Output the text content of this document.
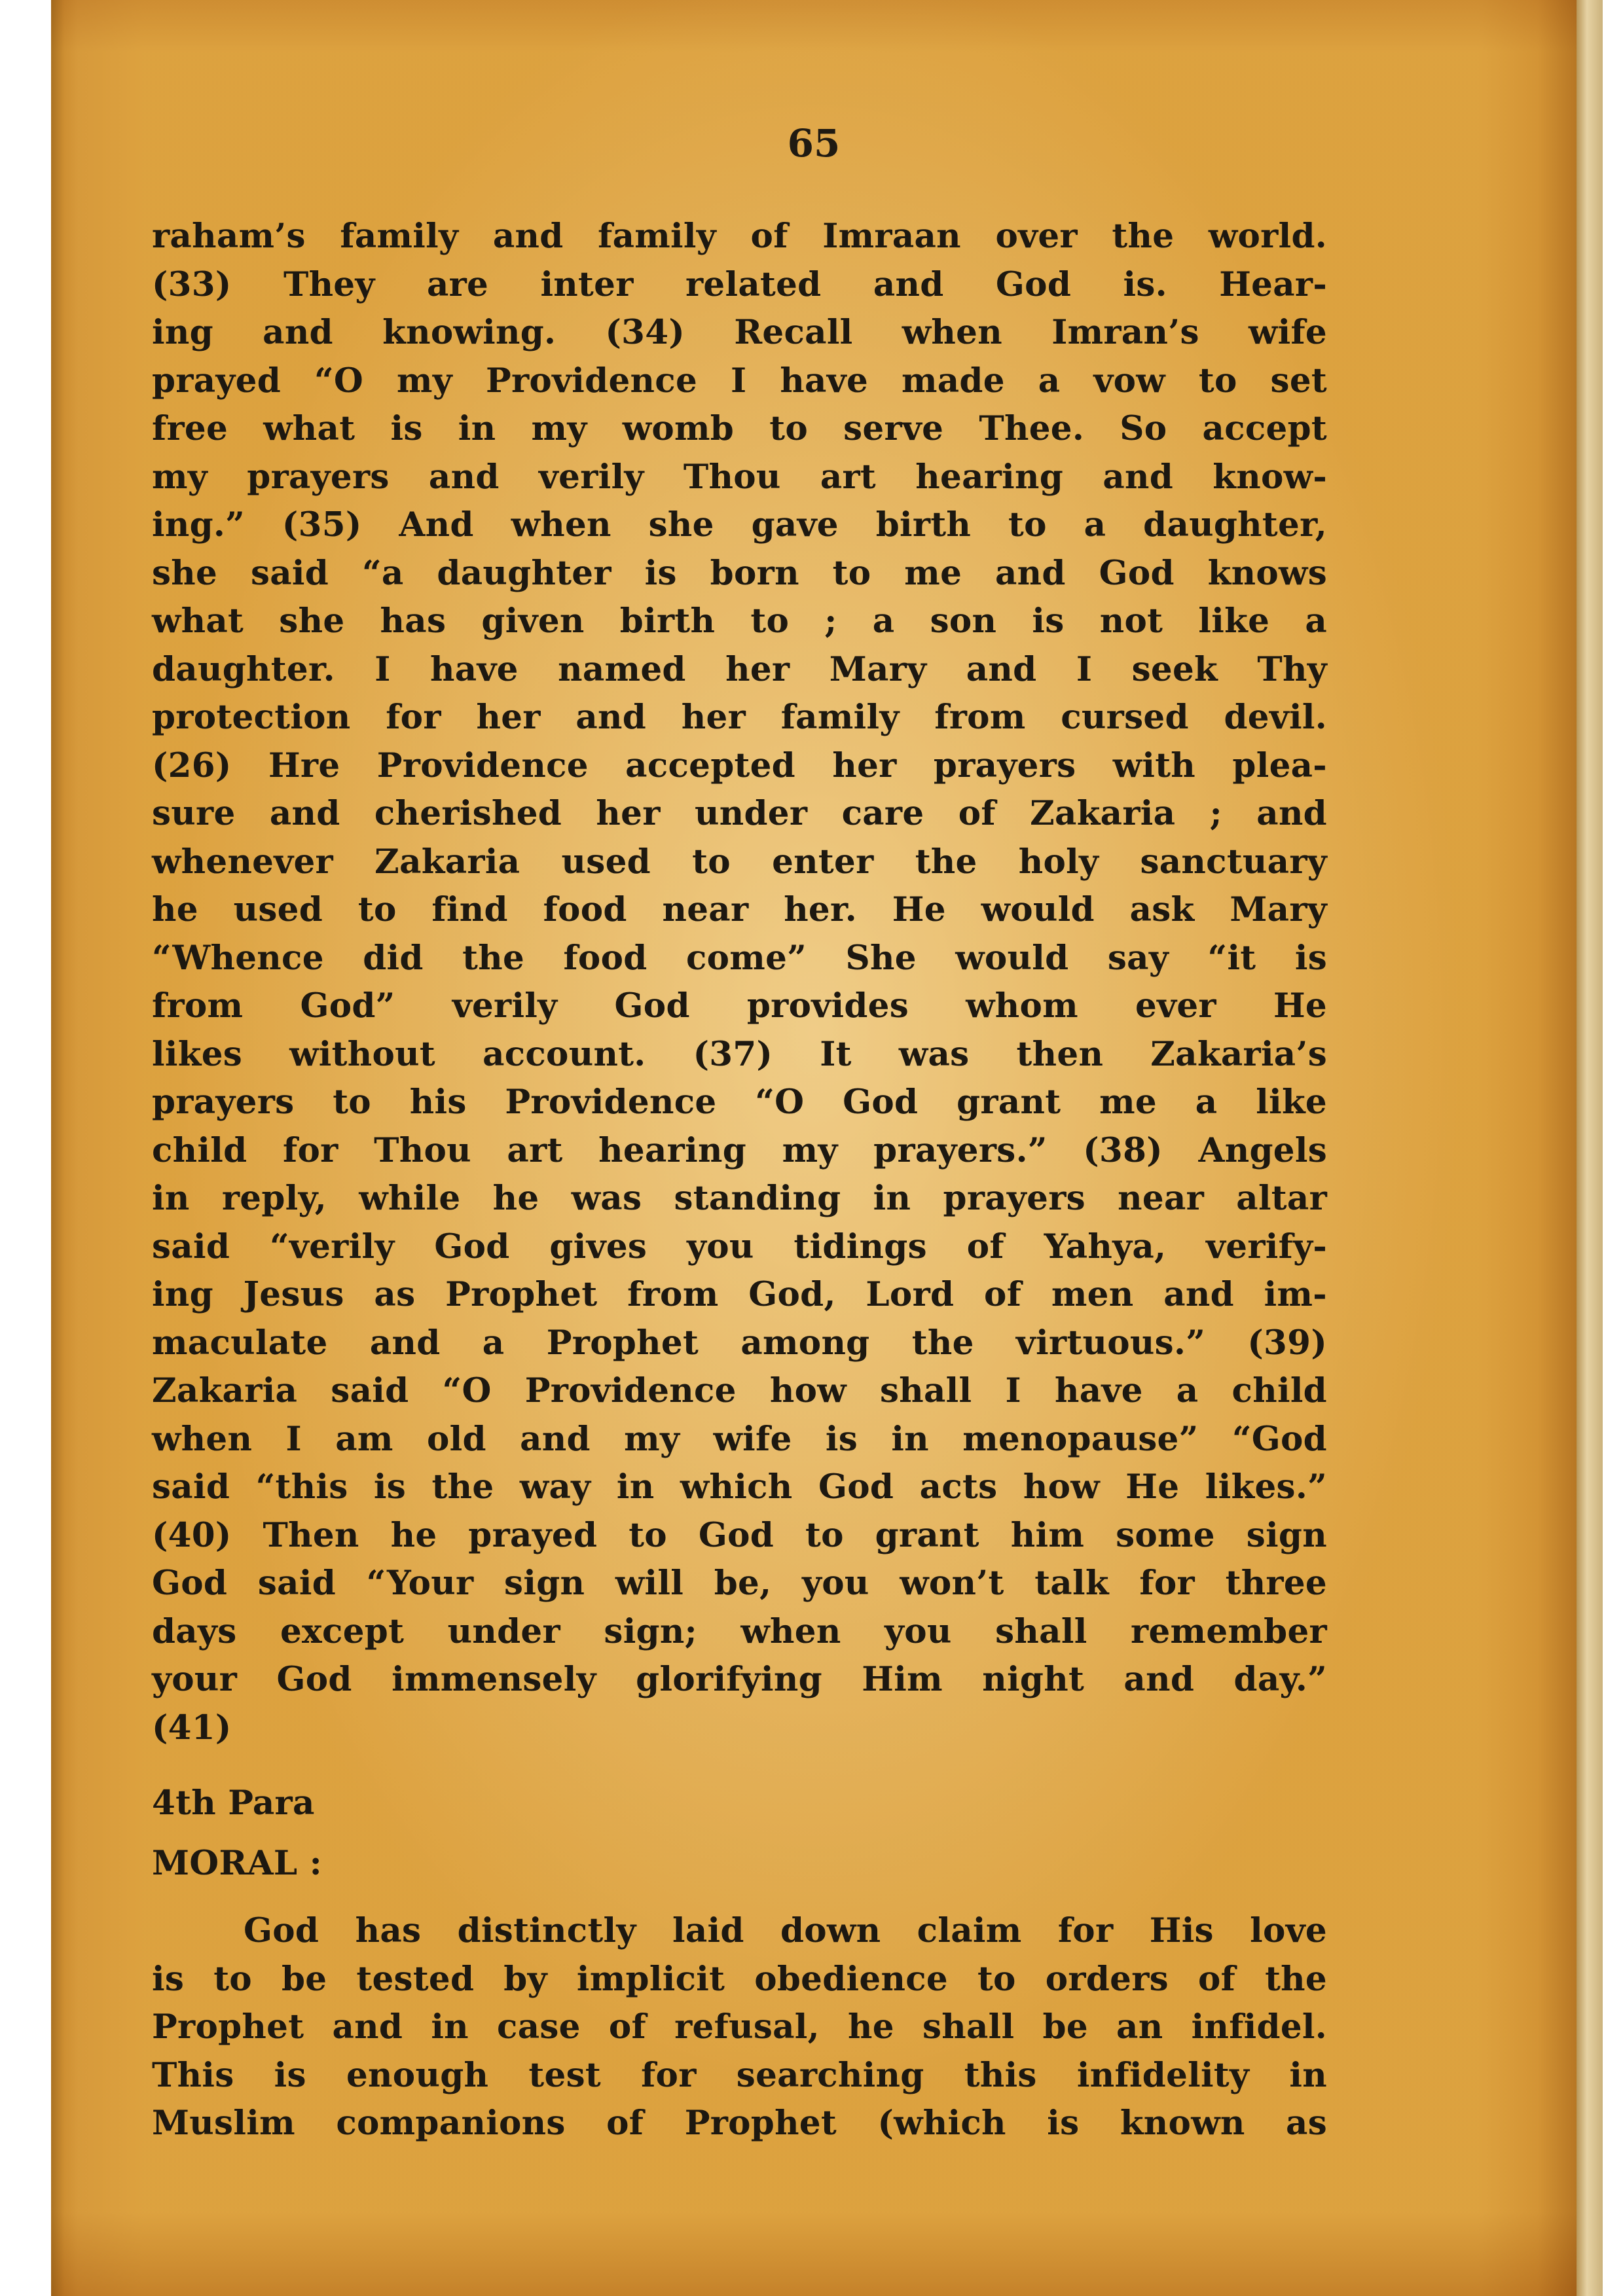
65

raham’s family and family of Imraan over the world.
(33) They are inter related and God is. Hear-
ing and knowing. (34) Recall when Imran’s wife
prayed “O my Providence I have made a vow to set
free what is in my womb to serve Thee. So accept
my prayers and verily Thou art hearing and know-
ing.” (35) And when she gave birth to a daughter,
she said “a daughter is born to me and God knows
what she has given birth to ; a son is not like a
daughter. I have named her Mary and I seek Thy
protection for her and her family from cursed devil.
(26) Hre Providence accepted her prayers with plea-
sure and cherished her under care of Zakaria ; and
whenever Zakaria used to enter the holy sanctuary
he used to find food near her. He would ask Mary
“Whence did the food come” She would say “it is
from God” verily God provides whom ever He
likes without account. (37) It was then Zakaria’s
prayers to his Providence “O God grant me a like
child for Thou art hearing my prayers.” (38) Angels
in reply, while he was standing in prayers near altar
said “verily God gives you tidings of Yahya, verify-
ing Jesus as Prophet from God, Lord of men and im-
maculate and a Prophet among the virtuous.” (39)
Zakaria said “O Providence how shall I have a child
when I am old and my wife is in menopause” “God
said “this is the way in which God acts how He likes.”
(40) Then he prayed to God to grant him some sign
God said “Your sign will be, you won’t talk for three
days except under sign; when you shall remember
your God immensely glorifying Him night and day.”
(41)

4th Para

MORAL :

God has distinctly laid down claim for His love
is to be tested by implicit obedience to orders of the
Prophet and in case of refusal, he shall be an infidel.
This is enough test for searching this infidelity in
Muslim companions of Prophet (which is known as
